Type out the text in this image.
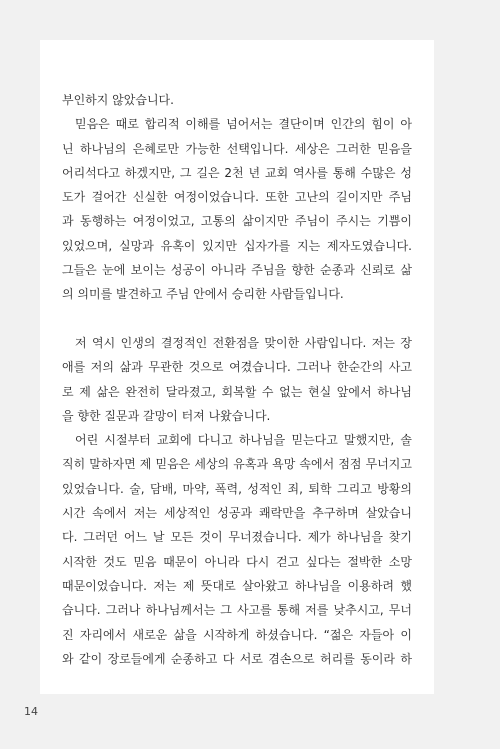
부인하지 않았습니다.
믿음은 때로 합리적 이해를 넘어서는 결단이며 인간의 힘이 아
닌 하나님의 은혜로만 가능한 선택입니다. 세상은 그러한 믿음을
어리석다고 하겠지만, 그 길은 2천 년 교회 역사를 통해 수많은 성
도가 걸어간 신실한 여정이었습니다. 또한 고난의 길이지만 주님
과 동행하는 여정이었고, 고통의 삶이지만 주님이 주시는 기쁨이
있었으며, 실망과 유혹이 있지만 십자가를 지는 제자도였습니다.
그들은 눈에 보이는 성공이 아니라 주님을 향한 순종과 신뢰로 삶
의 의미를 발견하고 주님 안에서 승리한 사람들입니다.
저 역시 인생의 결정적인 전환점을 맞이한 사람입니다. 저는 장
애를 저의 삶과 무관한 것으로 여겼습니다. 그러나 한순간의 사고
로 제 삶은 완전히 달라졌고, 회복할 수 없는 현실 앞에서 하나님
을 향한 질문과 갈망이 터져 나왔습니다.
어린 시절부터 교회에 다니고 하나님을 믿는다고 말했지만, 솔
직히 말하자면 제 믿음은 세상의 유혹과 욕망 속에서 점점 무너지고
있었습니다. 술, 담배, 마약, 폭력, 성적인 죄, 퇴학 그리고 방황의
시간 속에서 저는 세상적인 성공과 쾌락만을 추구하며 살았습니
다. 그러던 어느 날 모든 것이 무너졌습니다. 제가 하나님을 찾기
시작한 것도 믿음 때문이 아니라 다시 걷고 싶다는 절박한 소망
때문이었습니다. 저는 제 뜻대로 살아왔고 하나님을 이용하려 했
습니다. 그러나 하나님께서는 그 사고를 통해 저를 낮추시고, 무너
진 자리에서 새로운 삶을 시작하게 하셨습니다. “젊은 자들아 이
와 같이 장로들에게 순종하고 다 서로 겸손으로 허리를 동이라 하
14
